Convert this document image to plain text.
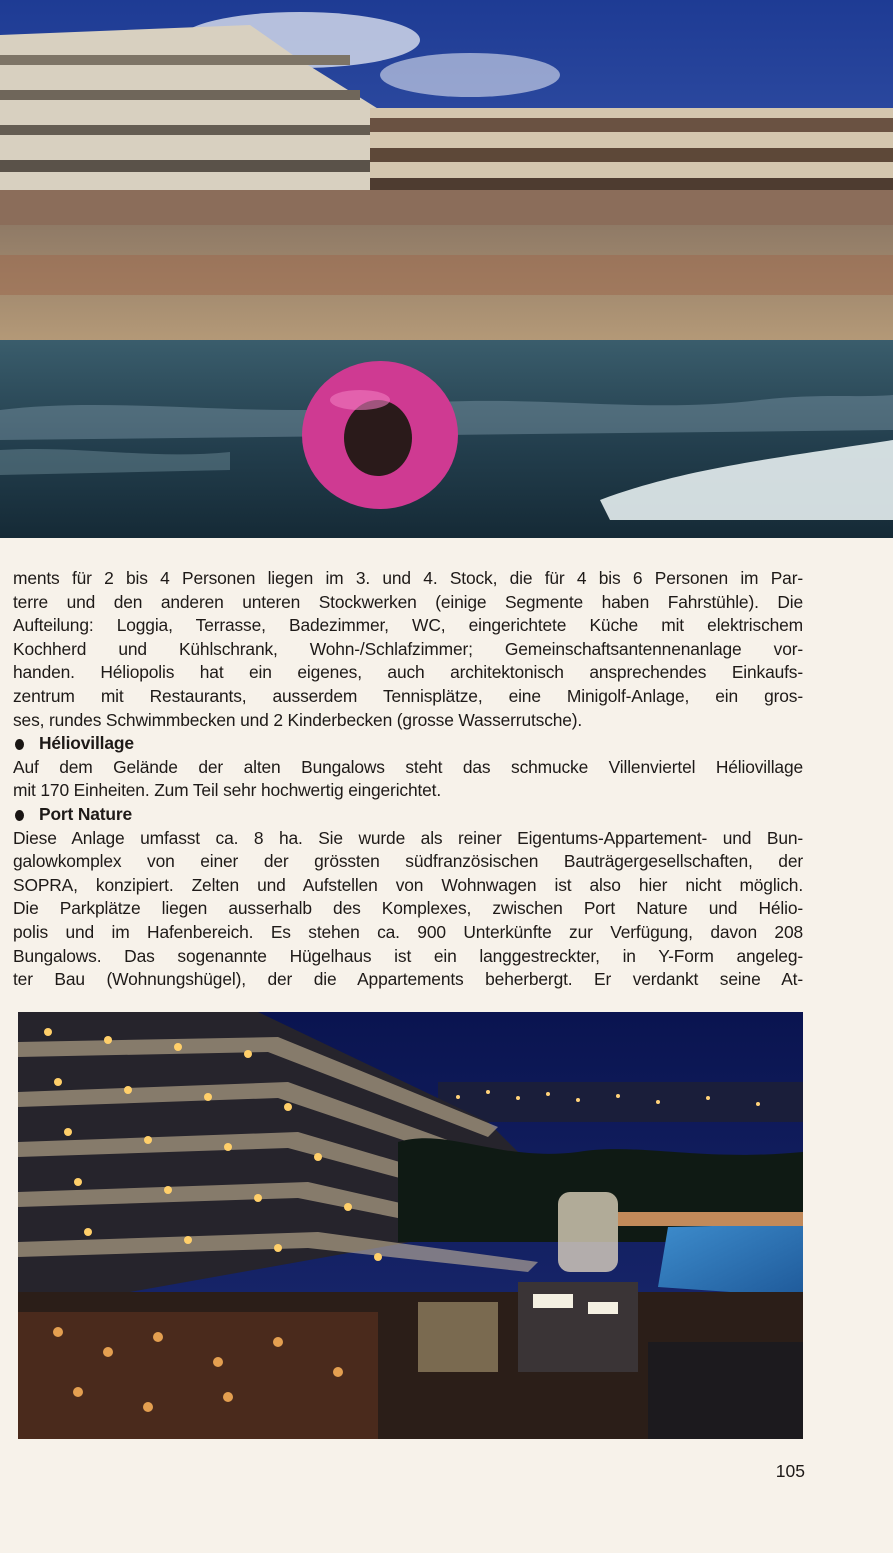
ments für 2 bis 4 Personen liegen im 3. und 4. Stock, die für 4 bis 6 Personen im Par-
terre und den anderen unteren Stockwerken (einige Segmente haben Fahrstühle). Die
Aufteilung: Loggia, Terrasse, Badezimmer, WC, eingerichtete Küche mit elektrischem
Kochherd und Kühlschrank, Wohn-/Schlafzimmer; Gemeinschaftsantennenanlage vor-
handen. Héliopolis hat ein eigenes, auch architektonisch ansprechendes Einkaufs-
zentrum mit Restaurants, ausserdem Tennisplätze, eine Minigolf-Anlage, ein gros-
ses, rundes Schwimmbecken und 2 Kinderbecken (grosse Wasserrutsche).
Héliovillage
Auf dem Gelände der alten Bungalows steht das schmucke Villenviertel Héliovillage
mit 170 Einheiten. Zum Teil sehr hochwertig eingerichtet.
Port Nature
Diese Anlage umfasst ca. 8 ha. Sie wurde als reiner Eigentums-Appartement- und Bun-
galowkomplex von einer der grössten südfranzösischen Bauträgergesellschaften, der
SOPRA, konzipiert. Zelten und Aufstellen von Wohnwagen ist also hier nicht möglich.
Die Parkplätze liegen ausserhalb des Komplexes, zwischen Port Nature und Hélio-
polis und im Hafenbereich. Es stehen ca. 900 Unterkünfte zur Verfügung, davon 208
Bungalows. Das sogenannte Hügelhaus ist ein langgestreckter, in Y-Form angeleg-
ter Bau (Wohnungshügel), der die Appartements beherbergt. Er verdankt seine At-
105
